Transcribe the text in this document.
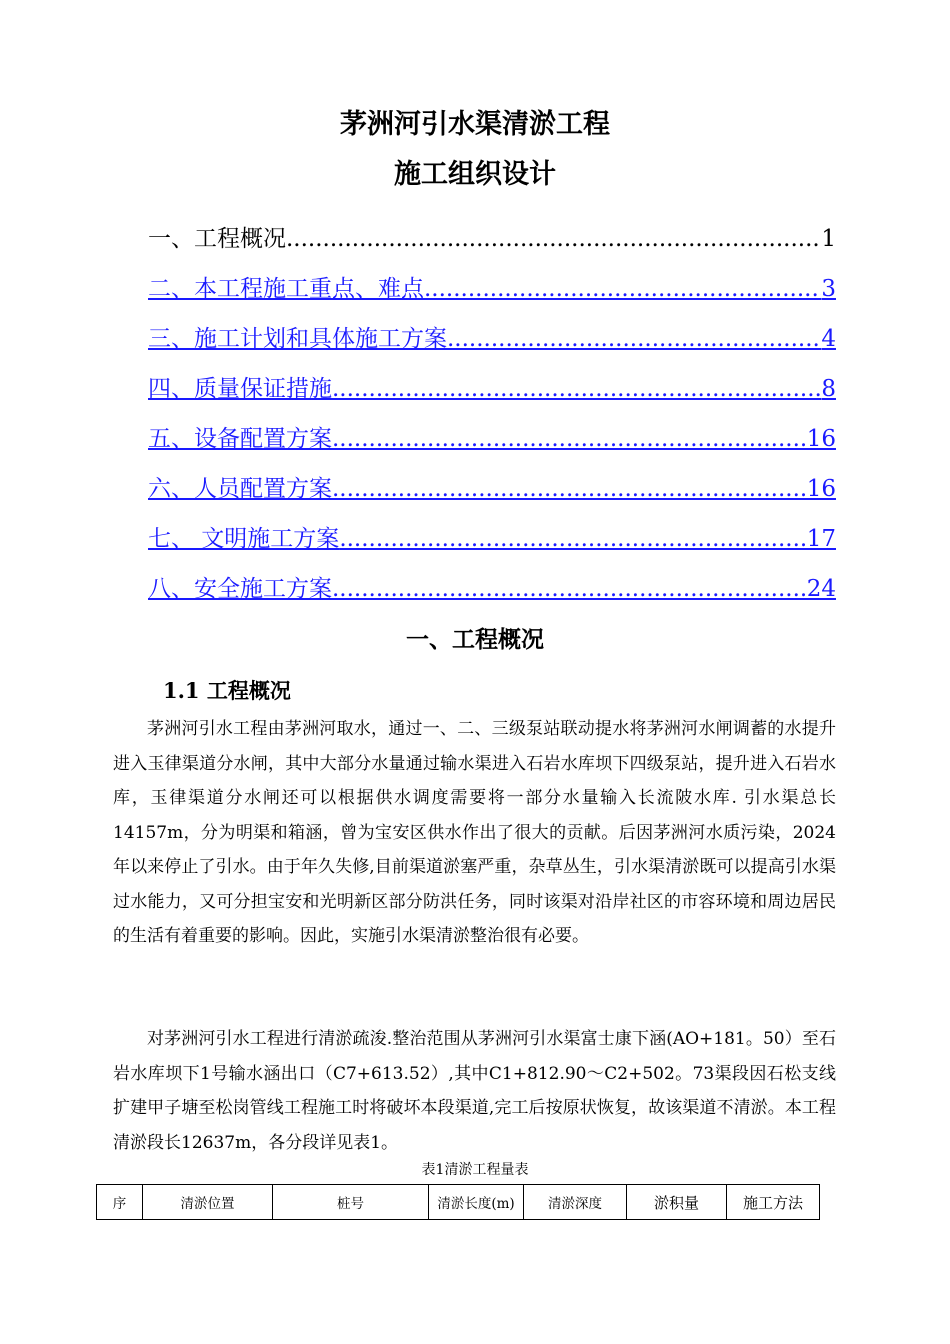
茅洲河引水渠清淤工程
施工组织设计
一、工程概况 .....	1
二、本工程施工重点、难点 .....	3
三、施工计划和具体施工方案 .....	4
四、质量保证措施 .....	8
五、设备配置方案 .....	16
六、人员配置方案 .....	16
七、 文明施工方案 .....	17
八、安全施工方案 .....	24
一、工程概况
1.1 工程概况
茅洲河引水工程由茅洲河取水，通过一、二、三级泵站联动提水将茅洲河水闸调蓄的水提升进入玉律渠道分水闸，其中大部分水量通过输水渠进入石岩水库坝下四级泵站，提升进入石岩水库，玉律渠道分水闸还可以根据供水调度需要将一部分水量输入长流陂水库. 引水渠总长14157m，分为明渠和箱涵，曾为宝安区供水作出了很大的贡献。后因茅洲河水质污染，2024年以来停止了引水。由于年久失修,目前渠道淤塞严重，杂草丛生，引水渠清淤既可以提高引水渠过水能力，又可分担宝安和光明新区部分防洪任务，同时该渠对沿岸社区的市容环境和周边居民的生活有着重要的影响。因此，实施引水渠清淤整治很有必要。
对茅洲河引水工程进行清淤疏浚.整治范围从茅洲河引水渠富士康下涵(AO+181。50）至石岩水库坝下1号输水涵出口（C7+613.52）,其中C1+812.90～C2+502。73渠段因石松支线扩建甲子塘至松岗管线工程施工时将破坏本段渠道,完工后按原状恢复，故该渠道不清淤。本工程清淤段长12637m，各分段详见表1。
表1清淤工程量表
序	清淤位置	桩号	清淤长度(m)	清淤深度	淤积量	施工方法
